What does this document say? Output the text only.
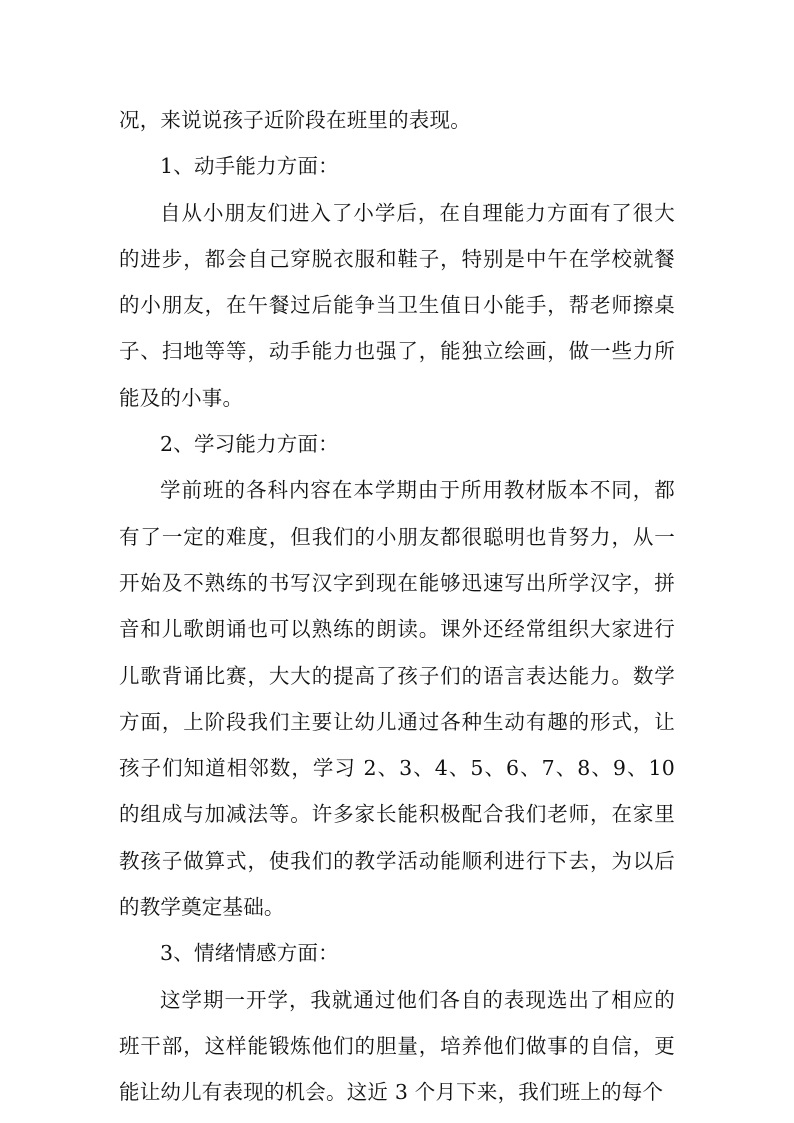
况，来说说孩子近阶段在班里的表现。

1、动手能力方面：

自从小朋友们进入了小学后，在自理能力方面有了很大的进步，都会自己穿脱衣服和鞋子，特别是中午在学校就餐的小朋友，在午餐过后能争当卫生值日小能手，帮老师擦桌子、扫地等等，动手能力也强了，能独立绘画，做一些力所能及的小事。

2、学习能力方面：

学前班的各科内容在本学期由于所用教材版本不同，都有了一定的难度，但我们的小朋友都很聪明也肯努力，从一开始及不熟练的书写汉字到现在能够迅速写出所学汉字，拼音和儿歌朗诵也可以熟练的朗读。课外还经常组织大家进行儿歌背诵比赛，大大的提高了孩子们的语言表达能力。数学方面，上阶段我们主要让幼儿通过各种生动有趣的形式，让孩子们知道相邻数，学习 2、3、4、5、6、7、8、9、10 的组成与加减法等。许多家长能积极配合我们老师，在家里教孩子做算式，使我们的教学活动能顺利进行下去，为以后的教学奠定基础。

3、情绪情感方面：

这学期一开学，我就通过他们各自的表现选出了相应的班干部，这样能锻炼他们的胆量，培养他们做事的自信，更能让幼儿有表现的机会。这近 3 个月下来，我们班上的每个
